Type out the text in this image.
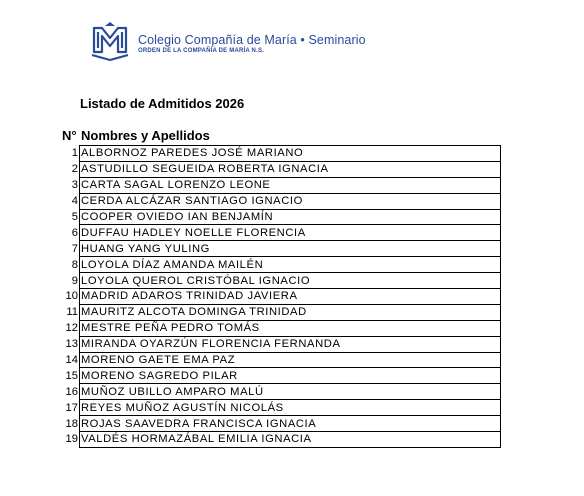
Colegio Compañía de María • Seminario
ORDEN DE LA COMPAÑÍA DE MARÍA N.S.
Listado de Admitidos 2026
N° Nombres y Apellidos
1	ALBORNOZ PAREDES JOSÉ MARIANO
2	ASTUDILLO SEGUEIDA ROBERTA IGNACIA
3	CARTA SAGAL LORENZO LEONE
4	CERDA ALCÁZAR SANTIAGO IGNACIO
5	COOPER OVIEDO IAN BENJAMÍN
6	DUFFAU HADLEY NOELLE FLORENCIA
7	HUANG YANG YULING
8	LOYOLA DÍAZ AMANDA MAILÉN
9	LOYOLA QUEROL CRISTÓBAL IGNACIO
10	MADRID ADAROS TRINIDAD JAVIERA
11	MAURITZ ALCOTA DOMINGA TRINIDAD
12	MESTRE PEÑA PEDRO TOMÁS
13	MIRANDA OYARZÚN FLORENCIA FERNANDA
14	MORENO GAETE EMA PAZ
15	MORENO SAGREDO PILAR
16	MUÑOZ UBILLO AMPARO MALÚ
17	REYES MUÑOZ AGUSTÍN NICOLÁS
18	ROJAS SAAVEDRA FRANCISCA IGNACIA
19	VALDÉS HORMAZÁBAL EMILIA IGNACIA
